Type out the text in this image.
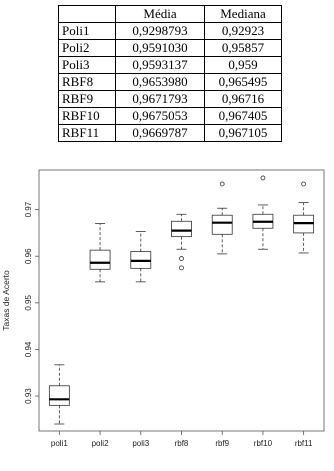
	Média	Mediana
Poli1	0,9298793	0,92923
Poli2	0,9591030	0,95857
Poli3	0,9593137	0,959
RBF8	0,9653980	0,965495
RBF9	0,9671793	0,96716
RBF10	0,9675053	0,967405
RBF11	0,9669787	0,967105
0.93
0.94
0.95
0.96
0.97
poli1	poli2	poli3	rbf8	rbf9	rbf10	rbf11
Taxas de Acerto
